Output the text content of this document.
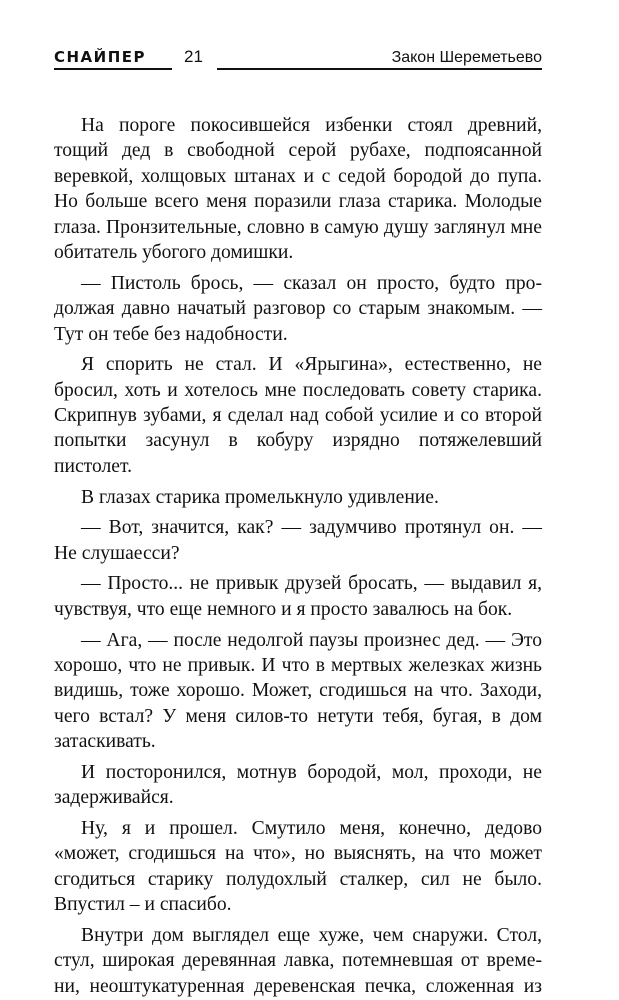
СНАЙПЕР 21	Закон Шереметьево

На пороге покосившейся избенки стоял древний, тощий дед в свободной серой рубахе, подпоясанной веревкой, холщовых штанах и с седой бородой до пупа. Но больше всего меня поразили глаза старика. Молодые глаза. Пронзительные, словно в самую душу заглянул мне обитатель убогого домишки.

— Пистоль брось, — сказал он просто, будто продолжая давно начатый разговор со старым знакомым. — Тут он тебе без надобности.

Я спорить не стал. И «Ярыгина», естественно, не бросил, хоть и хотелось мне последовать совету старика. Скрипнув зубами, я сделал над собой усилие и со второй попытки засунул в кобуру изрядно потяжелевший пистолет.

В глазах старика промелькнуло удивление.

— Вот, значится, как? — задумчиво протянул он. — Не слушаесси?

— Просто... не привык друзей бросать, — выдавил я, чувствуя, что еще немного и я просто завалюсь на бок.

— Ага, — после недолгой паузы произнес дед. — Это хорошо, что не привык. И что в мертвых железках жизнь видишь, тоже хорошо. Может, сгодишься на что. Заходи, чего встал? У меня силов-то нетути тебя, бугая, в дом затаскивать.

И посторонился, мотнув бородой, мол, проходи, не задерживайся.

Ну, я и прошел. Смутило меня, конечно, дедово «может, сгодишься на что», но выяснять, на что может сгодиться старику полудохлый сталкер, сил не было. Впустил – и спасибо.

Внутри дом выглядел еще хуже, чем снаружи. Стол, стул, широкая деревянная лавка, потемневшая от времени, неоштукатуренная деревенская печка, сложенная из
